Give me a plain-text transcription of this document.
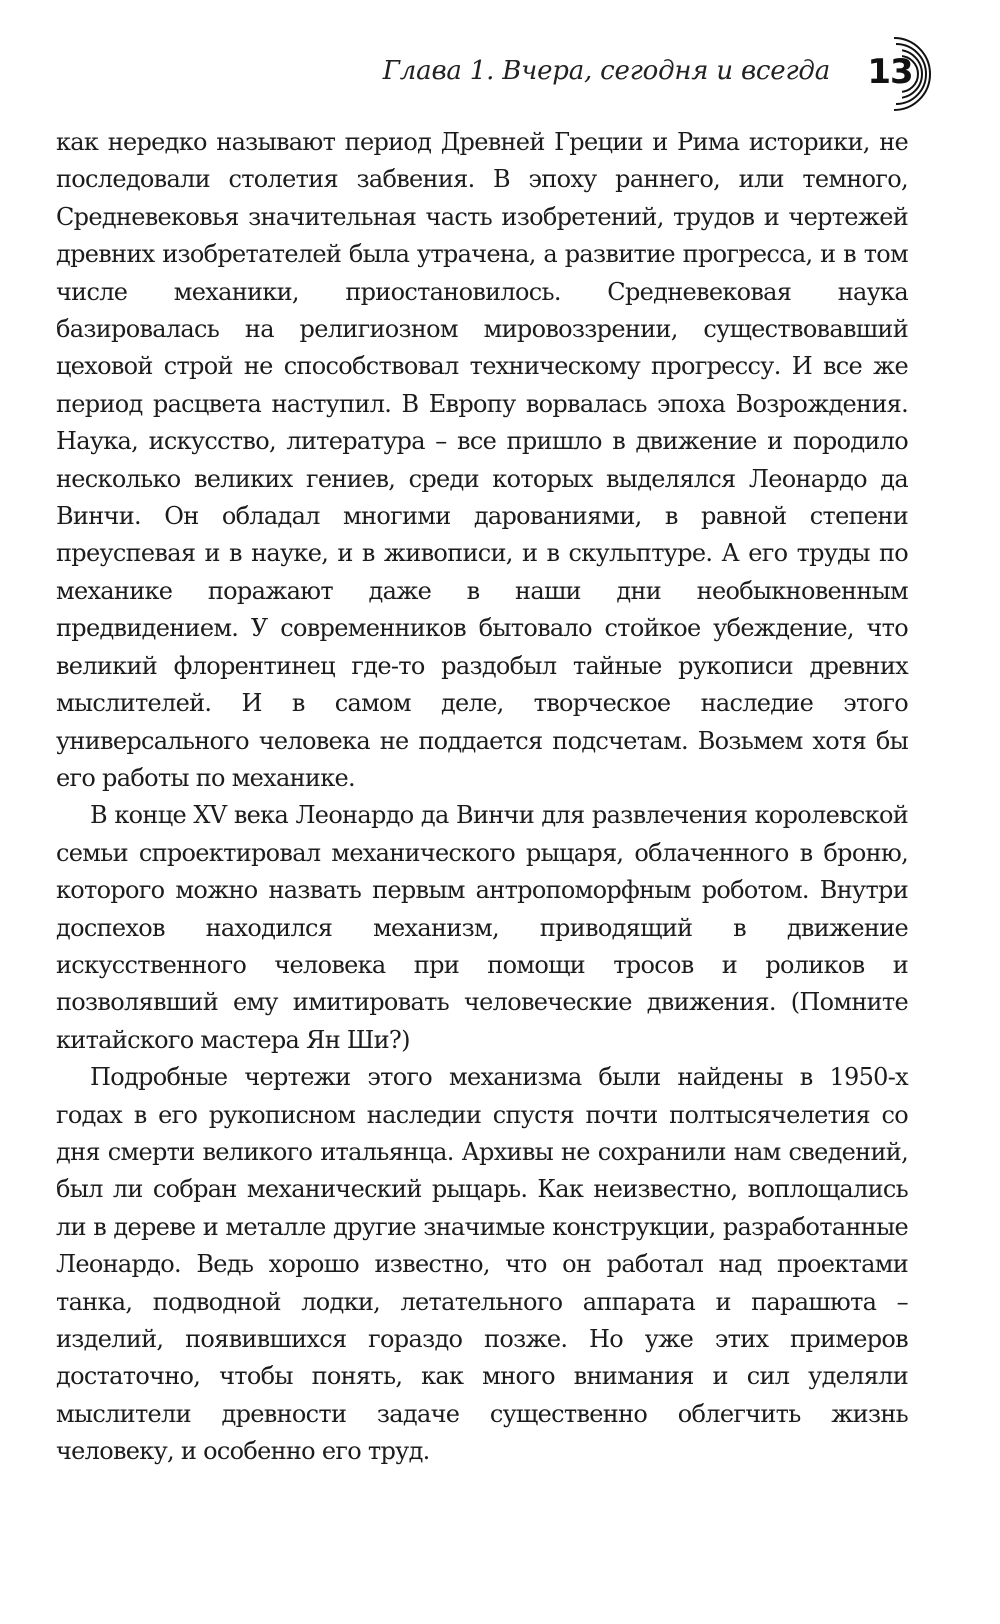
Глава 1. Вчера, сегодня и всегда 13

как нередко называют период Древней Греции и Рима историки, не последовали столетия забвения. В эпоху раннего, или темного, Средневековья значительная часть изобретений, трудов и чертежей древних изобретателей была утрачена, а развитие прогресса, и в том числе механики, приостановилось. Средневековая наука базировалась на религиозном мировоззрении, существовавший цеховой строй не способствовал техническому прогрессу. И все же период расцвета наступил. В Европу ворвалась эпоха Возрождения. Наука, искусство, литература – все пришло в движение и породило несколько великих гениев, среди которых выделялся Леонардо да Винчи. Он обладал многими дарованиями, в равной степени преуспевая и в науке, и в живописи, и в скульптуре. А его труды по механике поражают даже в наши дни необыкновенным предвидением. У современников бытовало стойкое убеждение, что великий флорентинец где-то раздобыл тайные рукописи древних мыслителей. И в самом деле, творческое наследие этого универсального человека не поддается подсчетам. Возьмем хотя бы его работы по механике.

В конце XV века Леонардо да Винчи для развлечения королевской семьи спроектировал механического рыцаря, облаченного в броню, которого можно назвать первым антропоморфным роботом. Внутри доспехов находился механизм, приводящий в движение искусственного человека при помощи тросов и роликов и позволявший ему имитировать человеческие движения. (Помните китайского мастера Ян Ши?)

Подробные чертежи этого механизма были найдены в 1950-х годах в его рукописном наследии спустя почти полтысячелетия со дня смерти великого итальянца. Архивы не сохранили нам сведений, был ли собран механический рыцарь. Как неизвестно, воплощались ли в дереве и металле другие значимые конструкции, разработанные Леонардо. Ведь хорошо известно, что он работал над проектами танка, подводной лодки, летательного аппарата и парашюта – изделий, появившихся гораздо позже. Но уже этих примеров достаточно, чтобы понять, как много внимания и сил уделяли мыслители древности задаче существенно облегчить жизнь человеку, и особенно его труд.
